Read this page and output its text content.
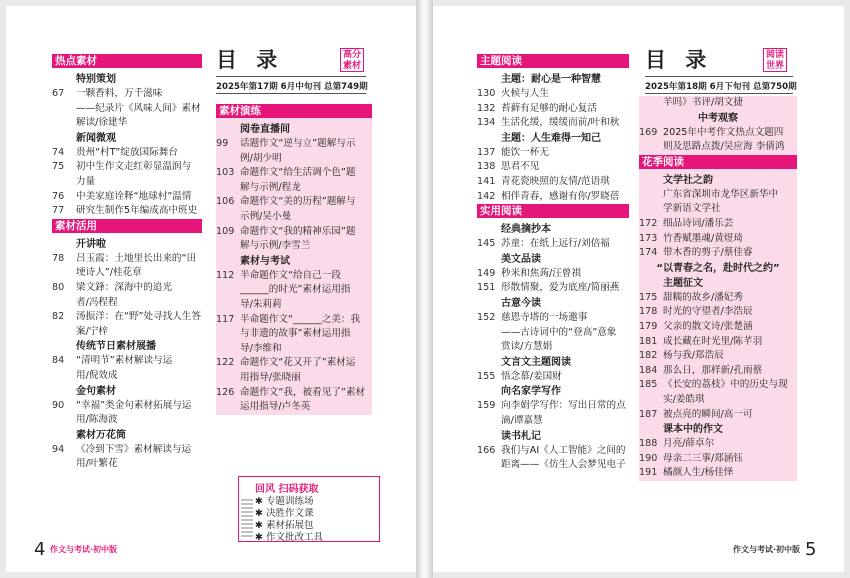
热点素材
特别策划
67	一颗香料，万千滋味
——纪录片《风味人间》素材
解读/徐建华
新闻微观
74	贵州“村T”绽放国际舞台
75	初中生作文走红彰显温润与
力量
76	中美家庭诠释“地球村”温情
77	研究生制作5年编成高中班史
素材活用
开讲啦
78	吕玉霞：土地里长出来的“田
埂诗人”/桂花章
80	梁文鋒：深海中的追光
者/冯程程
82	汤振洋：在“野”处寻找人生答
案/宁梓
传统节日素材展播
84	“清明节”素材解读与运
用/倪效成
金句素材
90	“幸福”类金句素材拓展与运
用/陈海波
素材万花筒
94	《冷到下雪》素材解读与运
用/叶繁花
目 录	高分
素材
2025年第17期 6月中旬刊 总第749期
素材演练
阅卷直播间
99	话题作文“逆与立”题解与示
例/胡少明
103 命题作文“给生活调个色”题
解与示例/程龙
106 命题作文“美的历程”题解与
示例/吴小曼
109 命题作文“我的精神乐园”题
解与示例/李雪兰
素材与考试
112 半命题作文“给自己一段
______的时光”素材运用指
导/朱莉莉
117 半命题作文“______之美：我
与非遗的故事”素材运用指
导/李维和
122 命题作文“花又开了”素材运
用指导/张晓丽
126 命题作文“我，被看见了”素材
运用指导/卢冬英
回风 扫码获取
✱ 专题训练场
✱ 决胜作文课
✱ 素材拓展包
✱ 作文批改工具
4 作文与考试·初中版
主题阅读
主题：耐心是一种智慧
130 火候与人生
132 苔藓有足够的耐心复活
134 生活化缓，缓缓而前/叶和秋
主题：人生难得一知己
137 能饮一杯无
138 思君不见
141 青花瓷映照的友情/范语琪
142 相伴青春，感谢有你/罗晓蓓
实用阅读
经典摘抄本
145 苏童：在纸上远行/刘倍福
美文品读
149 秒米和焦蒟/汪曾祺
151 形散情聚，爱为底座/简丽燕
古意今读
152 慈恩寺塔的一场邀事
——古诗词中的“登高”意象
赏读/方慧娟
文言文主题阅读
155 悟念慕/姜国财
向名家学写作
159 向李娟学写作：写出日常的点
滴/谭嘉慧
读书札记
166 我们与AI《人工智能》之间的
距离——《仿生人会梦见电子
目 录	阅读
世界
2025年第18期 6月下旬刊 总第750期
羊吗》书评/胡文捷
中考观察
169 2025年中考作文热点文题四
则及思路点拨/吴应海 李倩鸿
花季阅读
文学社之韵
广东省深圳市龙华区新华中
学新语文学社
172 细品诗词/潘乐芸
173 竹香赋墨魂/黄煜琦
174 带木香的剪子/蔡佳睿
“以青春之名，赴时代之约”
主题征文
175 甜糯的故乡/潘妃秀
178 时光的守望者/李浩辰
179 父亲的散文诗/张楚涵
181 成长藏在时光里/陈芊羽
182 杨与我/郑浩辰
184 那么日，那样新/孔雨蔡
185 《长安的荔枝》中的历史与现
实/姜皓琪
187 被点亮的瞬间/高一可
课本中的作文
188 月亮/薛卓尔
190 母亲二三事/郑涵钰
191 橘颜人生/杨佳怿
作文与考试·初中版 5
